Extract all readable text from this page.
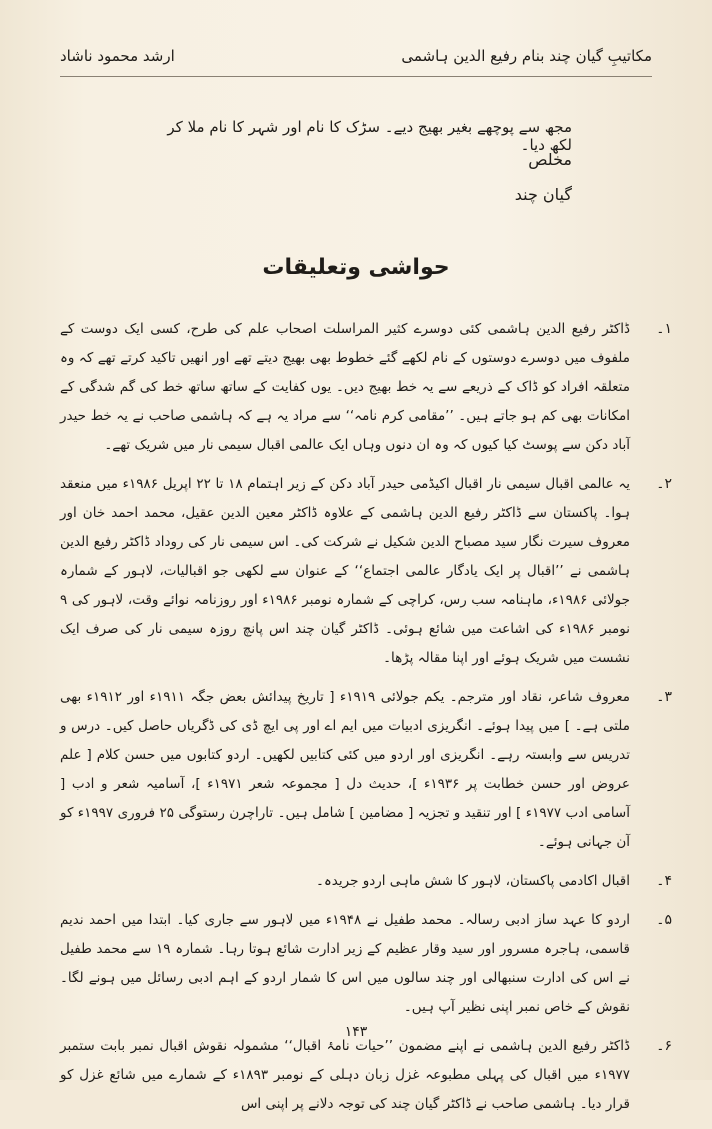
مکاتیبِ گیان چند بنام رفیع الدین ہاشمی
ارشد محمود ناشاد
مجھ سے پوچھے بغیر بھیج دیے۔ سڑک کا نام اور شہر کا نام ملا کر لکھ دیا۔
مخلص
گیان چند
حواشی وتعلیقات
۱۔
ڈاکٹر رفیع الدین ہاشمی کئی دوسرے کثیر المراسلت اصحاب علم کی طرح، کسی ایک دوست کے ملفوف میں دوسرے دوستوں کے نام لکھے گئے خطوط بھی بھیج دیتے تھے اور انھیں تاکید کرتے تھے کہ وہ متعلقہ افراد کو ڈاک کے ذریعے سے یہ خط بھیج دیں۔ یوں کفایت کے ساتھ ساتھ خط کی گم شدگی کے امکانات بھی کم ہو جاتے ہیں۔ ’’مقامی کرم نامہ‘‘ سے مراد یہ ہے کہ ہاشمی صاحب نے یہ خط حیدر آباد دکن سے پوسٹ کیا کیوں کہ وہ ان دنوں وہاں ایک عالمی اقبال سیمی نار میں شریک تھے۔
۲۔
یہ عالمی اقبال سیمی نار اقبال اکیڈمی حیدر آباد دکن کے زیر اہتمام ۱۸ تا ۲۲ اپریل ۱۹۸۶ء میں منعقد ہوا۔ پاکستان سے ڈاکٹر رفیع الدین ہاشمی کے علاوہ ڈاکٹر معین الدین عقیل، محمد احمد خان اور معروف سیرت نگار سید مصباح الدین شکیل نے شرکت کی۔ اس سیمی نار کی روداد ڈاکٹر رفیع الدین ہاشمی نے ’’اقبال پر ایک یادگار عالمی اجتماع‘‘ کے عنوان سے لکھی جو اقبالیات، لاہور کے شمارہ جولائی ۱۹۸۶ء، ماہنامہ سب رس، کراچی کے شمارہ نومبر ۱۹۸۶ء اور روزنامہ نوائے وقت، لاہور کی ۹ نومبر ۱۹۸۶ء کی اشاعت میں شائع ہوئی۔ ڈاکٹر گیان چند اس پانچ روزہ سیمی نار کی صرف ایک نشست میں شریک ہوئے اور اپنا مقالہ پڑھا۔
۳۔
معروف شاعر، نقاد اور مترجم۔ یکم جولائی ۱۹۱۹ء [ تاریخ پیدائش بعض جگہ ۱۹۱۱ء اور ۱۹۱۲ء بھی ملتی ہے۔ ] میں پیدا ہوئے۔ انگریزی ادبیات میں ایم اے اور پی ایچ ڈی کی ڈگریاں حاصل کیں۔ درس و تدریس سے وابستہ رہے۔ انگریزی اور اردو میں کئی کتابیں لکھیں۔ اردو کتابوں میں حسن کلام [ علم عروض اور حسن خطابت پر ۱۹۳۶ء ]، حدیث دل [ مجموعہ شعر ۱۹۷۱ء ]، آسامیہ شعر و ادب [ آسامی ادب ۱۹۷۷ء ] اور تنقید و تجزیہ [ مضامین ] شامل ہیں۔ تاراچرن رستوگی ۲۵ فروری ۱۹۹۷ء کو آن جہانی ہوئے۔
۴۔
اقبال اکادمی پاکستان، لاہور کا شش ماہی اردو جریدہ۔
۵۔
اردو کا عہد ساز ادبی رسالہ۔ محمد طفیل نے ۱۹۴۸ء میں لاہور سے جاری کیا۔ ابتدا میں احمد ندیم قاسمی، ہاجرہ مسرور اور سید وقار عظیم کے زیر ادارت شائع ہوتا رہا۔ شمارہ ۱۹ سے محمد طفیل نے اس کی ادارت سنبھالی اور چند سالوں میں اس کا شمار اردو کے اہم ادبی رسائل میں ہونے لگا۔ نقوش کے خاص نمبر اپنی نظیر آپ ہیں۔
۶۔
ڈاکٹر رفیع الدین ہاشمی نے اپنے مضمون ’’حیات نامۂ اقبال‘‘ مشمولہ نقوش اقبال نمبر بابت ستمبر ۱۹۷۷ء میں اقبال کی پہلی مطبوعہ غزل زبان دہلی کے نومبر ۱۸۹۳ء کے شمارے میں شائع غزل کو قرار دیا۔ ہاشمی صاحب نے ڈاکٹر گیان چند کی توجہ دلانے پر اپنی اس
۱۴۳
